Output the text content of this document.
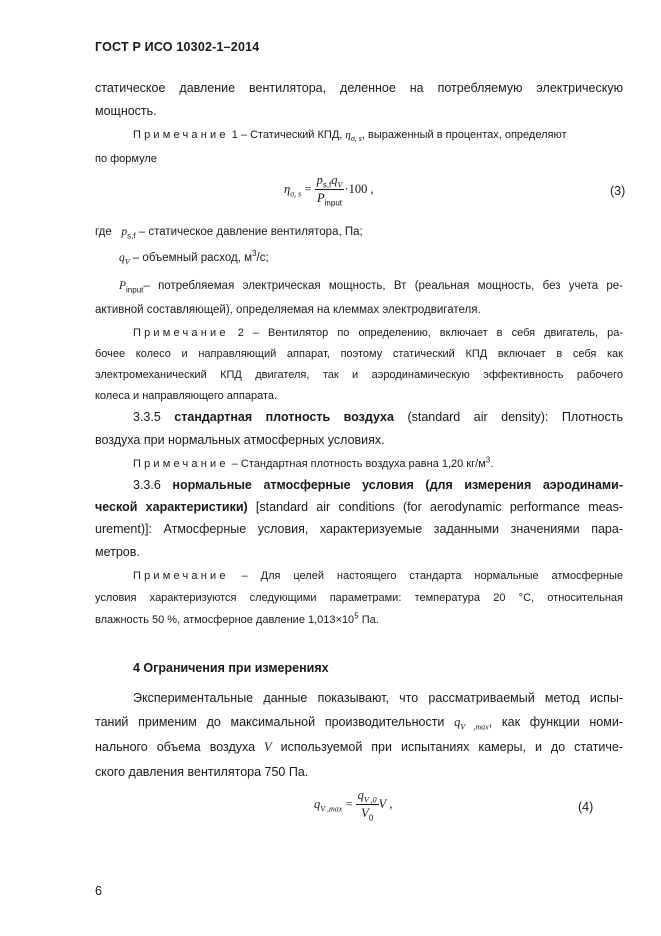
ГОСТ Р ИСО 10302-1–2014
статическое давление вентилятора, деленное на потребляемую электрическую
мощность.
Примечание 1 – Статический КПД, $\eta_{\sigma, s}$, выраженный в процентах, определяют
по формуле
$\eta_{\sigma, s} = \frac{p_{s,f}q_V}{P_{input}} \cdot 100$ ,	(3)
где   $p_{s,f}$ – статическое давление вентилятора, Па;
$q_V$ – объемный расход, $м^3/с$;
$P_{input}-$ потребляемая электрическая мощность, Вт (реальная мощность, без учета ре-
активной составляющей), определяемая на клеммах электродвигателя.
Примечание 2 – Вентилятор по определению, включает в себя двигатель, ра-
бочее колесо и направляющий аппарат, поэтому статический КПД включает в себя как
электромеханический КПД двигателя, так и аэродинамическую эффективность рабочего
колеса и направляющего аппарата.
3.3.5 стандартная плотность воздуха (standard air density): Плотность
воздуха при нормальных атмосферных условиях.
Примечание – Стандартная плотность воздуха равна 1,20 $кг/м^3$.
3.3.6 нормальные атмосферные условия (для измерения аэродинами-
ческой характеристики) [standard air conditions (for aerodynamic performance meas-
urement)]: Атмосферные условия, характеризуемые заданными значениями пара-
метров.
Примечание – Для целей настоящего стандарта нормальные атмосферные
условия характеризуются следующими параметрами: температура 20 °С, относительная
влажность 50 %, атмосферное давление $1,013\times 10^5$ Па.
4 Ограничения при измерениях
Экспериментальные данные показывают, что рассматриваемый метод испы-
таний применим до максимальной производительности $q_{V ,max}$, как функции номи-
нального объема воздуха V используемой при испытаниях камеры, и до статиче-
ского давления вентилятора 750 Па.
$q_{V ,max} = \frac{q_{V ,0}}{V_0}$ V ,	(4)
6
